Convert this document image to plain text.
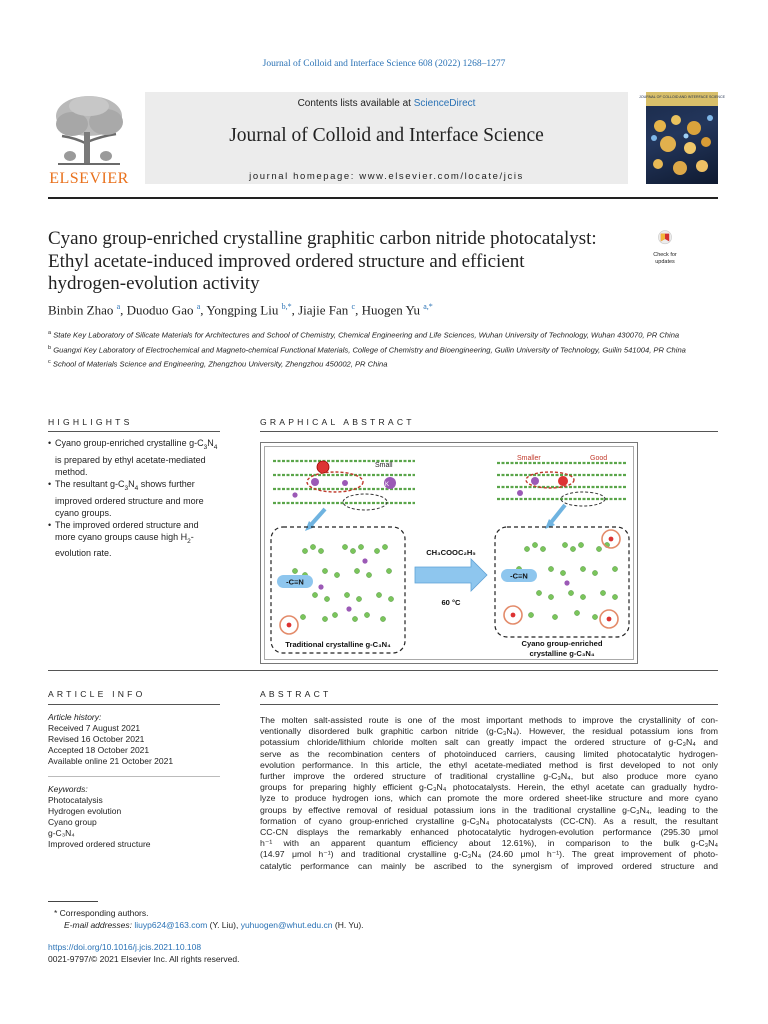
Journal of Colloid and Interface Science 608 (2022) 1268–1277
ELSEVIER
Contents lists available at ScienceDirect
Journal of Colloid and Interface Science
journal homepage: www.elsevier.com/locate/jcis
JOURNAL OF COLLOID AND INTERFACE SCIENCE
Cyano group-enriched crystalline graphitic carbon nitride photocatalyst:
Ethyl acetate-induced improved ordered structure and efficient
hydrogen-evolution activity
Check for updates
Binbin Zhao $^a$, Duoduo Gao $^a$, Yongping Liu $^{b,*}$, Jiajie Fan $^c$, Huogen Yu $^{a,*}$

$^a$ State Key Laboratory of Silicate Materials for Architectures and School of Chemistry, Chemical Engineering and Life Sciences, Wuhan University of Technology, Wuhan 430070, PR China

$^b$ Guangxi Key Laboratory of Electrochemical and Magneto-chemical Functional Materials, College of Chemistry and Bioengineering, Guilin University of Technology, Guilin 541004, PR China

$^c$ School of Materials Science and Engineering, Zhengzhou University, Zhengzhou 450002, PR China

HIGHLIGHTS
• Cyano group-enriched crystalline $g-C_3N_4$ is prepared by ethyl acetate-mediated method.
• The resultant $g-C_3N_4$ shows further improved ordered structure and more cyano groups.
• The improved ordered structure and more cyano groups cause high $H_2$-evolution rate.
GRAPHICAL ABSTRACT
Small
K
Smaller	Good
-C≡N
Traditional crystalline g-C₃N₄
CH₃COOC₂H₅
60 °C
-C≡N
Cyano group-enriched
crystalline g-C₃N₄
ARTICLE INFO
Article history:
Received 7 August 2021
Revised 16 October 2021
Accepted 18 October 2021
Available online 21 October 2021
Keywords:
Photocatalysis
Hydrogen evolution
Cyano group
g-C₃N₄
Improved ordered structure
ABSTRACT
The molten salt-assisted route is one of the most important methods to improve the crystallinity of con-
ventionally disordered bulk graphitic carbon nitride (g-C₃N₄). However, the residual potassium ions from
potassium chloride/lithium chloride molten salt can greatly impact the ordered structure of g-C₃N₄ and
serve as the recombination centers of photoinduced carriers, causing limited photocatalytic hydrogen-
evolution performance. In this article, the ethyl acetate-mediated method is first developed to not only
further improve the ordered structure of traditional crystalline g-C₃N₄, but also produce more cyano
groups for preparing highly efficient g-C₃N₄ photocatalysts. Herein, the ethyl acetate can gradually hydro-
lyze to produce hydrogen ions, which can promote the more ordered sheet-like structure and more cyano
groups by effective removal of residual potassium ions in the traditional crystalline g-C₃N₄, leading to the
formation of cyano group-enriched crystalline g-C₃N₄ photocatalysts (CC-CN). As a result, the resultant
CC-CN displays the remarkably enhanced photocatalytic hydrogen-evolution performance (295.30 μmol
h⁻¹ with an apparent quantum efficiency about 12.61%), in comparison to the bulk g-C₃N₄
(14.97 μmol h⁻¹) and traditional crystalline g-C₃N₄ (24.60 μmol h⁻¹). The great improvement of photo-
catalytic performance can mainly be ascribed to the synergism of improved ordered structure and
* Corresponding authors.
E-mail addresses: liuyp624@163.com (Y. Liu), yuhuogen@whut.edu.cn (H. Yu).
https://doi.org/10.1016/j.jcis.2021.10.108
0021-9797/© 2021 Elsevier Inc. All rights reserved.
